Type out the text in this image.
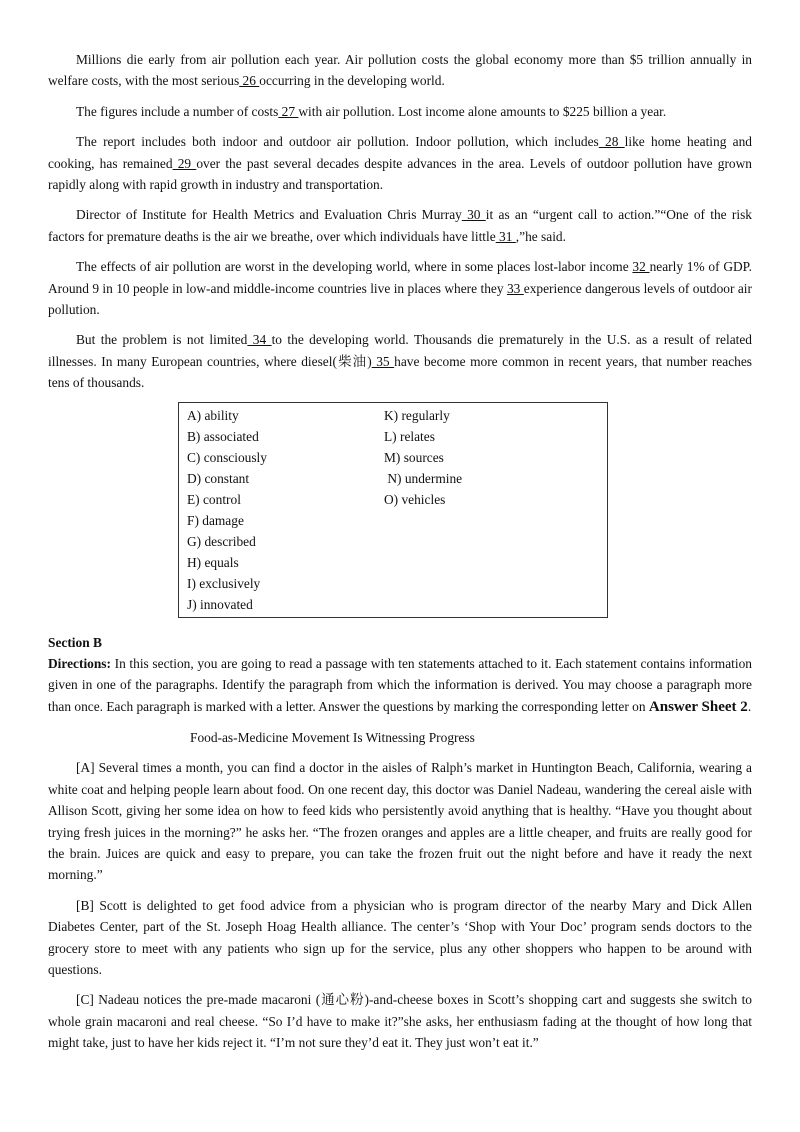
Millions die early from air pollution each year. Air pollution costs the global economy more than $5 trillion annually in welfare costs, with the most serious 26 occurring in the developing world.

The figures include a number of costs 27 with air pollution. Lost income alone amounts to $225 billion a year.

The report includes both indoor and outdoor air pollution. Indoor pollution, which includes 28 like home heating and cooking, has remained 29 over the past several decades despite advances in the area. Levels of outdoor pollution have grown rapidly along with rapid growth in industry and transportation.

Director of Institute for Health Metrics and Evaluation Chris Murray 30 it as an “urgent call to action.”“One of the risk factors for premature deaths is the air we breathe, over which individuals have little 31 ,”he said.

The effects of air pollution are worst in the developing world, where in some places lost-labor income 32 nearly 1% of GDP. Around 9 in 10 people in low-and middle-income countries live in places where they 33 experience dangerous levels of outdoor air pollution.

But the problem is not limited 34 to the developing world. Thousands die prematurely in the U.S. as a result of related illnesses. In many European countries, where diesel(柴油) 35 have become more common in recent years, that number reaches tens of thousands.

A) ability
B) associated
C) consciously
D) constant
E) control
F) damage
G) described
H) equals
I) exclusively
J) innovated
K) regularly
L) relates
M) sources
N) undermine
O) vehicles
Section B
Directions: In this section, you are going to read a passage with ten statements attached to it. Each statement contains information given in one of the paragraphs. Identify the paragraph from which the information is derived. You may choose a paragraph more than once. Each paragraph is marked with a letter. Answer the questions by marking the corresponding letter on Answer Sheet 2.
Food-as-Medicine Movement Is Witnessing Progress

[A] Several times a month, you can find a doctor in the aisles of Ralph’s market in Huntington Beach, California, wearing a white coat and helping people learn about food. On one recent day, this doctor was Daniel Nadeau, wandering the cereal aisle with Allison Scott, giving her some idea on how to feed kids who persistently avoid anything that is healthy. “Have you thought about trying fresh juices in the morning?” he asks her. “The frozen oranges and apples are a little cheaper, and fruits are really good for the brain. Juices are quick and easy to prepare, you can take the frozen fruit out the night before and have it ready the next morning.”

[B] Scott is delighted to get food advice from a physician who is program director of the nearby Mary and Dick Allen Diabetes Center, part of the St. Joseph Hoag Health alliance. The center’s ‘Shop with Your Doc’ program sends doctors to the grocery store to meet with any patients who sign up for the service, plus any other shoppers who happen to be around with questions.

[C] Nadeau notices the pre-made macaroni (通心粉)-and-cheese boxes in Scott’s shopping cart and suggests she switch to whole grain macaroni and real cheese. “So I’d have to make it?”she asks, her enthusiasm fading at the thought of how long that might take, just to have her kids reject it. “I’m not sure they’d eat it. They just won’t eat it.”
